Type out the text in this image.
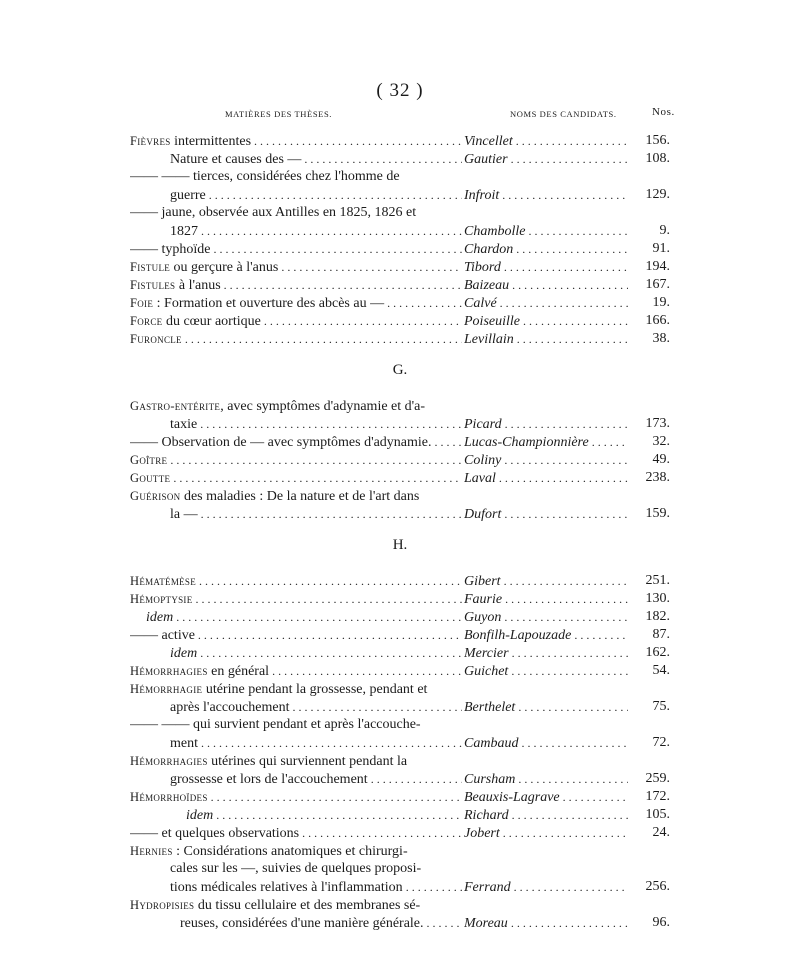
( 32 )
MATIÈRES DES THÈSES.	NOMS DES CANDIDATS.	Nos.
Fièvres intermittentes . . .	Vincellet . . .	156.
Nature et causes des — . . .	Gautier . . .	108.
—— —— tierces, considérées chez l'homme de
guerre . . .	Infroit . . .	129.
—— jaune, observée aux Antilles en 1825, 1826 et
1827 . . .	Chambolle . . .	9.
—— typhoïde . . .	Chardon . . .	91.
Fistule ou gerçure à l'anus . . .	Tibord . . .	194.
Fistules à l'anus . . .	Baizeau . . .	167.
Foie : Formation et ouverture des abcès au — . . .	Calvé . . .	19.
Force du cœur aortique . . .	Poiseuille . . .	166.
Furoncle . . .	Levillain . . .	38.
G.
Gastro-entérite, avec symptômes d'adynamie et d'a-
taxie . . .	Picard . . .	173.
—— Observation de — avec symptômes d'adynamie. . . .	Lucas-Championnière . . .	32.
Goître . . .	Coliny . . .	49.
Goutte . . .	Laval . . .	238.
Guérison des maladies : De la nature et de l'art dans
la — . . .	Dufort . . .	159.
H.
Hématémèse . . .	Gibert . . .	251.
Hémoptysie . . .	Faurie . . .	130.
idem . . .	Guyon . . .	182.
—— active . . .	Bonfilh-Lapouzade . . .	87.
idem . . .	Mercier . . .	162.
Hémorrhagies en général . . .	Guichet . . .	54.
Hémorrhagie utérine pendant la grossesse, pendant et
après l'accouchement . . .	Berthelet . . .	75.
—— —— qui survient pendant et après l'accouche-
ment . . .	Cambaud . . .	72.
Hémorrhagies utérines qui surviennent pendant la
grossesse et lors de l'accouchement . . .	Cursham . . .	259.
Hémorrhoïdes . . .	Beauxis-Lagrave . . .	172.
idem . . .	Richard . . .	105.
—— et quelques observations . . .	Jobert . . .	24.
Hernies : Considérations anatomiques et chirurgi-
cales sur les —, suivies de quelques proposi-
tions médicales relatives à l'inflammation . . .	Ferrand . . .	256.
Hydropisies du tissu cellulaire et des membranes sé-
reuses, considérées d'une manière générale. . . .	Moreau . . .	96.
